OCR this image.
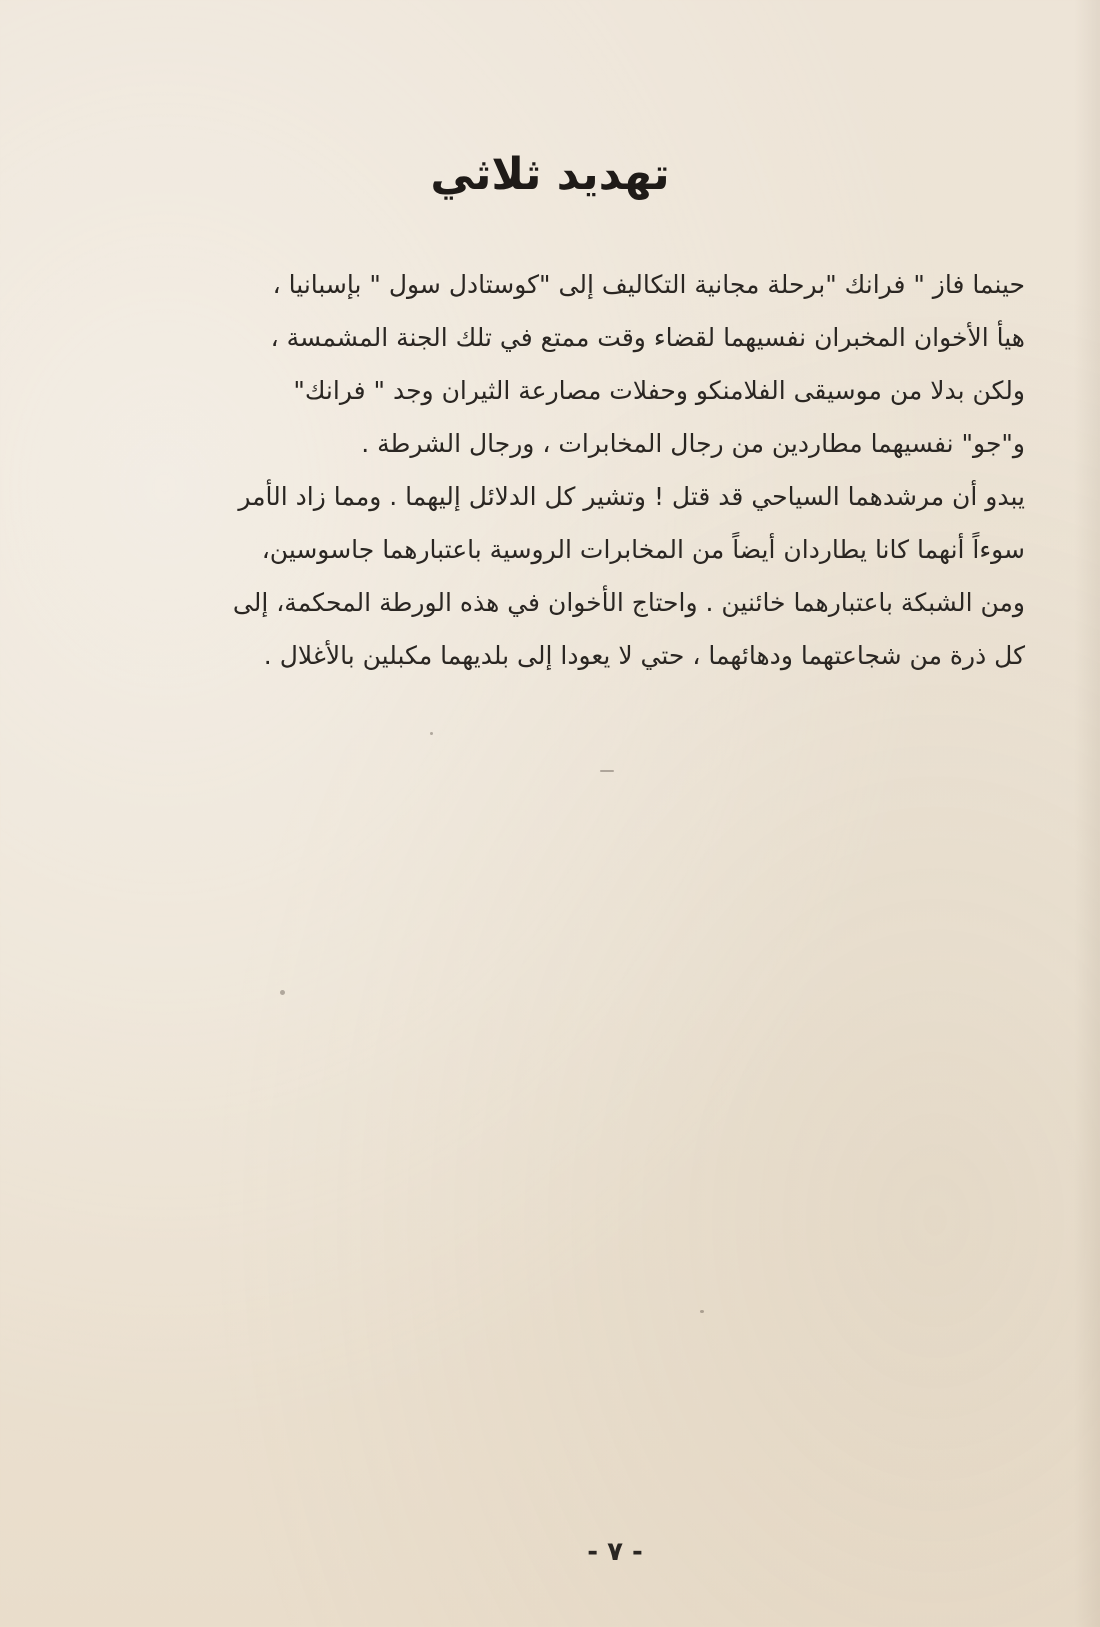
تهديد ثلاثي
حينما فاز " فرانك "برحلة مجانية التكاليف إلى "كوستادل سول " بإسبانيا ،
هيأ الأخوان المخبران نفسيهما لقضاء وقت ممتع في تلك الجنة المشمسة ،
ولكن بدلا من موسيقى الفلامنكو وحفلات مصارعة الثيران وجد " فرانك"
و"جو" نفسيهما مطاردين من رجال المخابرات ، ورجال الشرطة .
يبدو أن مرشدهما السياحي قد قتل ! وتشير كل الدلائل إليهما . ومما زاد الأمر
سوءاً أنهما كانا يطاردان أيضاً من المخابرات الروسية باعتبارهما جاسوسين،
ومن الشبكة باعتبارهما خائنين . واحتاج الأخوان في هذه الورطة المحكمة، إلى
كل ذرة من شجاعتهما ودهائهما ، حتي لا يعودا إلى بلديهما مكبلين بالأغلال .
- ٧ -
